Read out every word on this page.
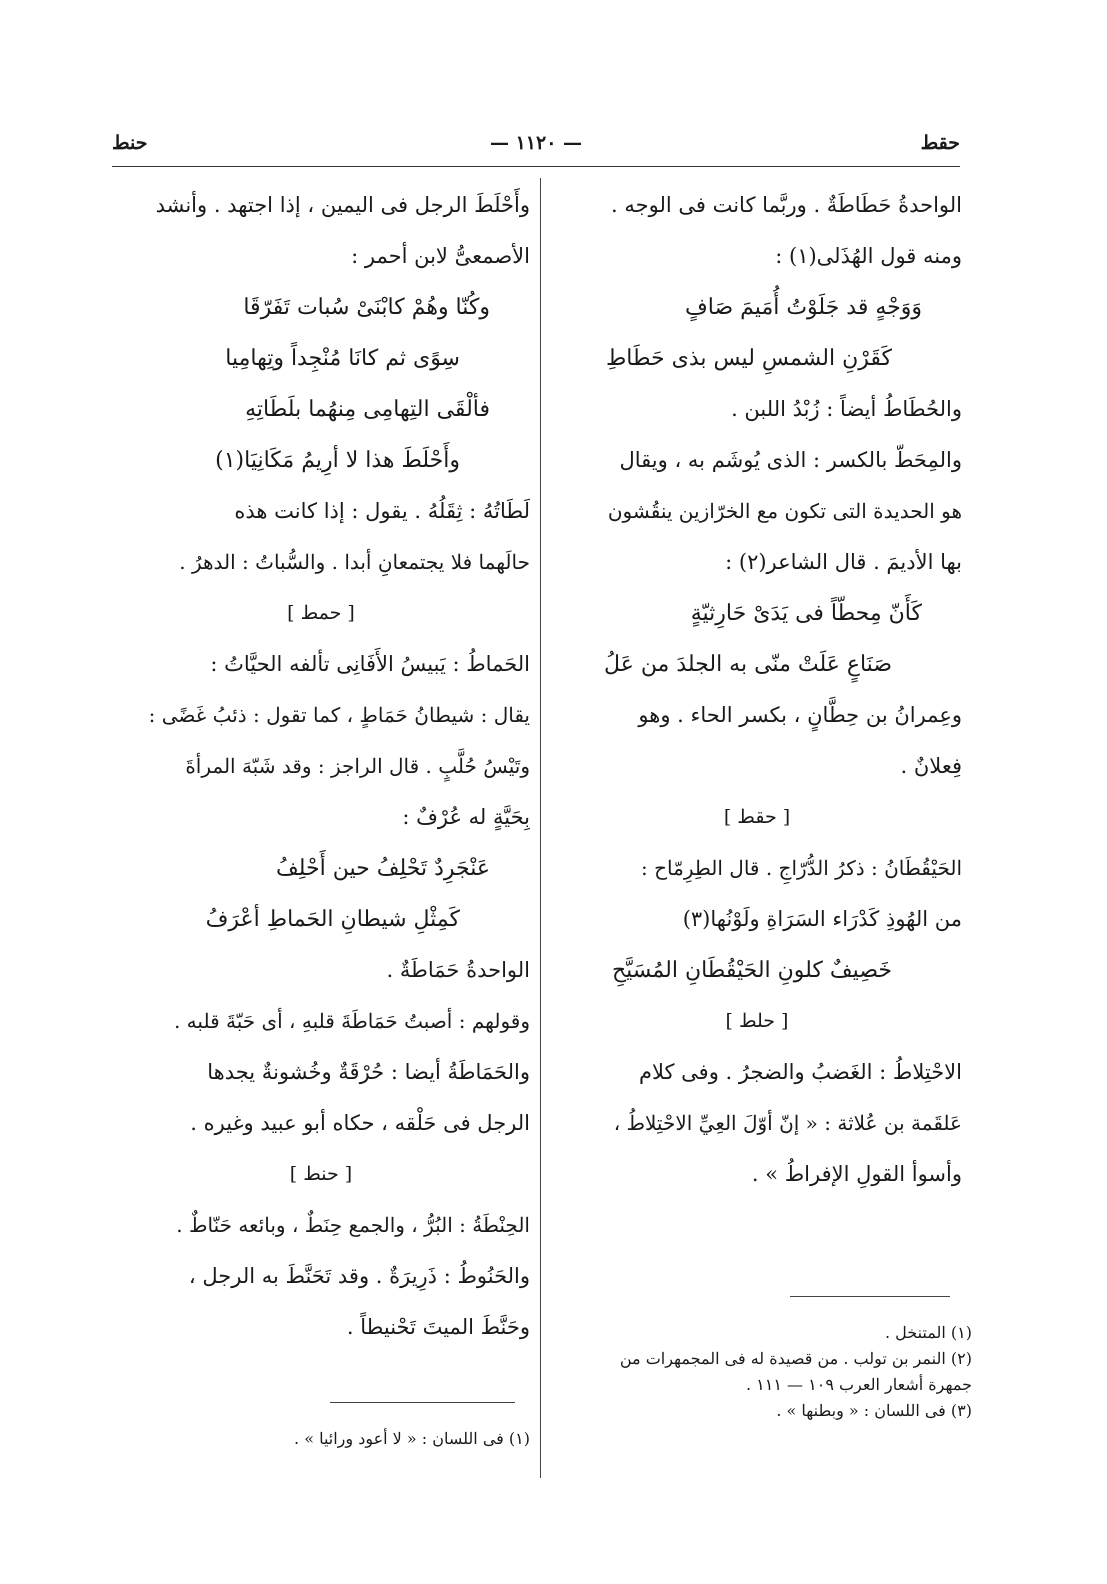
حقط
— ١١٢٠ —
حنط
الواحدةُ حَطَاطَةٌ . وربَّما كانت فى الوجه .
ومنه قول الهُذَلى(١) :
وَوَجْهٍ قد جَلَوْتُ أُمَيمَ صَافٍ
كَقَرْنِ الشمسِ ليس بذى حَطَاطِ
والحُطَاطُ أيضاً : زُبْدُ اللبن .
والمِحَطّ بالكسر : الذى يُوشَم به ، ويقال
هو الحديدة التى تكون مع الخرّازين ينقُشون
بها الأديمَ . قال الشاعر(٢) :
كَأَنّ مِحطّاً فى يَدَىْ حَارِثيّةٍ
صَنَاعٍ عَلَتْ منّى به الجلدَ من عَلُ
وعِمرانُ بن حِطَّانٍ ، بكسر الحاء . وهو
فِعلانٌ .
[ حقط ]
الحَيْقُطَانُ : ذكرُ الدُّرّاجِ . قال الطِرِمّاح :
من الهُوذِ كَدْرَاء السَرَاةِ ولَوْنُها(٣)
خَصِيفٌ كلونِ الحَيْقُطَانِ المُسَيَّحِ
[ حلط ]
الاحْتِلاطُ : الغَضبُ والضجرُ . وفى كلام
عَلقَمة بن عُلاثة : « إنّ أوّلَ العِيِّ الاحْتِلاطُ ،
وأسوأ القولِ الإفراطُ » .
(١) المتنخل .
(٢) النمر بن تولب . من قصيدة له فى المجمهرات من
جمهرة أشعار العرب ١٠٩ — ١١١ .
(٣) فى اللسان : « وبطنها » .
وأَحْلَطَ الرجل فى اليمين ، إذا اجتهد . وأنشد
الأصمعىُّ لابن أحمر :
وكُنّا وهُمْ كابْنَىْ سُبات تَفَرّقَا
سِوًى ثم كانَا مُنْجِداً وتِهامِيا
فألْقَى التِهامِى مِنهُما بلَطَاتِهِ
وأَحْلَطَ هذا لا أرِيمُ مَكَانِيَا(١)
لَطَاتُهُ : ثِقَلُهُ . يقول : إذا كانت هذه
حالَهما فلا يجتمعانِ أبدا . والسُّباتُ : الدهرُ .
[ حمط ]
الحَماطُ : يَبيسُ الأَفَانِى تألفه الحيَّاتُ :
يقال : شيطانُ حَمَاطٍ ، كما تقول : ذئبُ غَضًى :
وتَيْسُ حُلَّبٍ . قال الراجز : وقد شَبّهَ المرأةَ
بِحَيَّةٍ له عُرْفٌ :
عَنْجَرِدٌ تَحْلِفُ حين أَحْلِفُ
كَمِثْلِ شيطانِ الحَماطِ أعْرَفُ
الواحدةُ حَمَاطَةٌ .
وقولهم : أصبتُ حَمَاطَةَ قلبهِ ، أى حَبّةَ قلبه .
والحَمَاطَةُ أيضا : حُرْقَةٌ وخُشونةٌ يجدها
الرجل فى حَلْقه ، حكاه أبو عبيد وغيره .
[ حنط ]
الحِنْطَةُ : البُرُّ ، والجمع حِنَطٌ ، وبائعه حَنّاطٌ .
والحَنُوطُ : ذَرِيرَةٌ . وقد تَحَنَّطَ به الرجل ،
وحَنَّطَ الميتَ تَحْنيطاً .
(١) فى اللسان : « لا أعود ورائيا » .
